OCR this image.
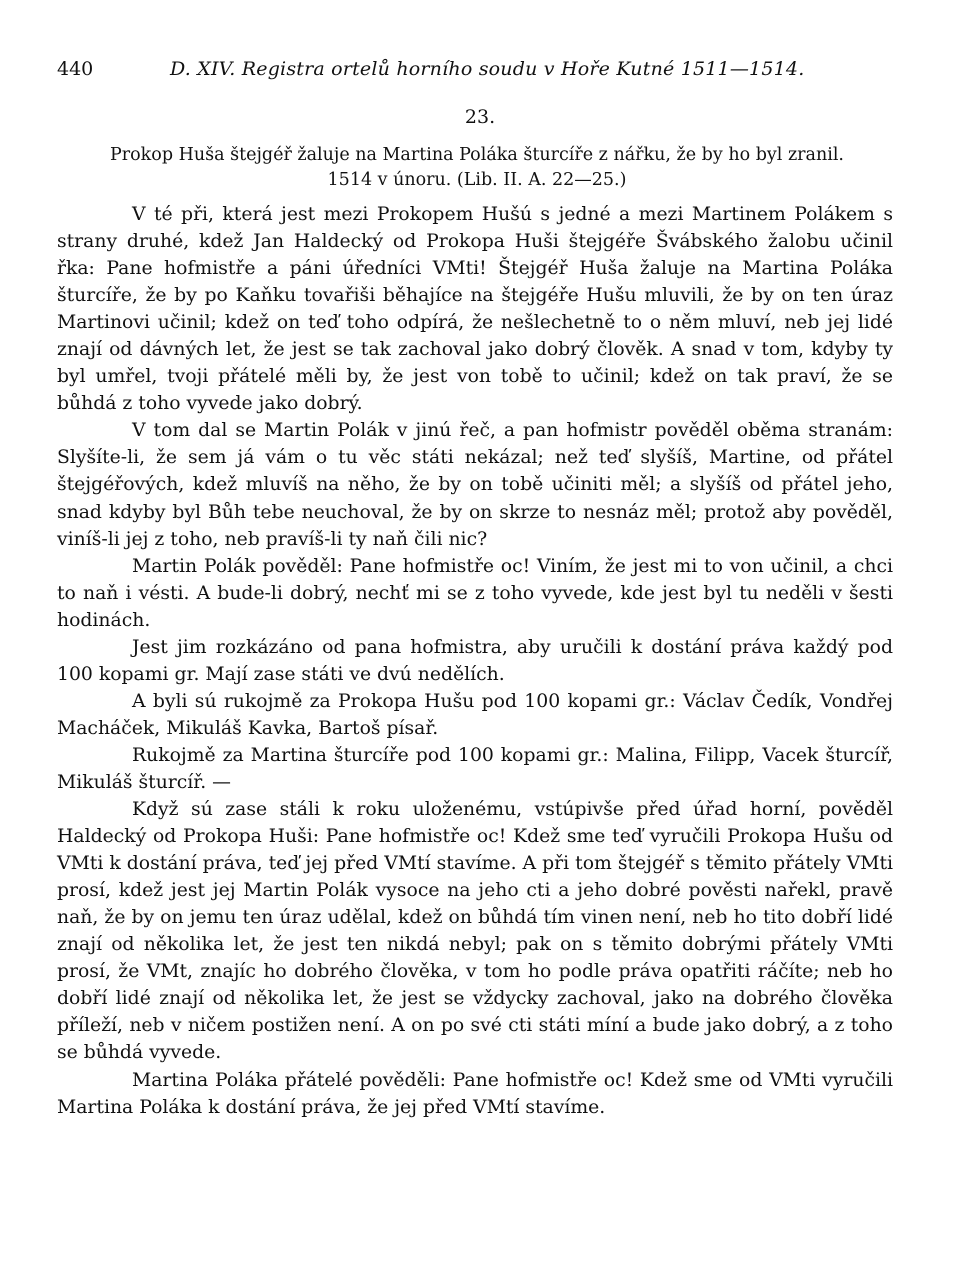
440	D. XIV. Registra ortelů horního soudu v Hoře Kutné 1511—1514.
23.
Prokop Huša štejgéř žaluje na Martina Poláka šturcíře z nářku, že by ho byl zranil.
1514 v únoru. (Lib. II. A. 22—25.)

V té při, která jest mezi Prokopem Hušú s jedné a mezi Martinem Polákem s strany druhé, kdež Jan Haldecký od Prokopa Huši štejgéře Švábského žalobu učinil řka: Pane hofmistře a páni úředníci VMti! Štejgéř Huša žaluje na Martina Poláka šturcíře, že by po Kaňku tovařiši běhajíce na štejgéře Hušu mluvili, že by on ten úraz Martinovi učinil; kdež on teď toho odpírá, že nešlechetně to o něm mluví, neb jej lidé znají od dávných let, že jest se tak zachoval jako dobrý člověk. A snad v tom, kdyby ty byl umřel, tvoji přátelé měli by, že jest von tobě to učinil; kdež on tak praví, že se bůhdá z toho vyvede jako dobrý.

V tom dal se Martin Polák v jinú řeč, a pan hofmistr pověděl oběma stranám: Slyšíte-li, že sem já vám o tu věc státi nekázal; než teď slyšíš, Martine, od přátel štejgéřových, kdež mluvíš na něho, že by on tobě učiniti měl; a slyšíš od přátel jeho, snad kdyby byl Bůh tebe neuchoval, že by on skrze to nesnáz měl; protož aby pověděl, viníš-li jej z toho, neb pravíš-li ty naň čili nic?

Martin Polák pověděl: Pane hofmistře oc! Viním, že jest mi to von učinil, a chci to naň i vésti. A bude-li dobrý, nechť mi se z toho vyvede, kde jest byl tu neděli v šesti hodinách.

Jest jim rozkázáno od pana hofmistra, aby uručili k dostání práva každý pod 100 kopami gr. Mají zase státi ve dvú nedělích.

A byli sú rukojmě za Prokopa Hušu pod 100 kopami gr.: Václav Čedík, Vondřej Macháček, Mikuláš Kavka, Bartoš písař.

Rukojmě za Martina šturcíře pod 100 kopami gr.: Malina, Filipp, Vacek šturcíř, Mikuláš šturcíř. —

Když sú zase stáli k roku uloženému, vstúpivše před úřad horní, pověděl Haldecký od Prokopa Huši: Pane hofmistře oc! Kdež sme teď vyručili Prokopa Hušu od VMti k dostání práva, teď jej před VMtí stavíme. A při tom štejgéř s těmito přátely VMti prosí, kdež jest jej Martin Polák vysoce na jeho cti a jeho dobré pověsti nařekl, pravě naň, že by on jemu ten úraz udělal, kdež on bůhdá tím vinen není, neb ho tito dobří lidé znají od několika let, že jest ten nikdá nebyl; pak on s těmito dobrými přátely VMti prosí, že VMt, znajíc ho dobrého člověka, v tom ho podle práva opatřiti ráčíte; neb ho dobří lidé znají od několika let, že jest se vždycky zachoval, jako na dobrého člověka přílеží, neb v ničem postižen není. A on po své cti státi míní a bude jako dobrý, a z toho se bůhdá vyvede.

Martina Poláka přátelé pověděli: Pane hofmistře oc! Kdež sme od VMti vyručili Martina Poláka k dostání práva, že jej před VMtí stavíme.
